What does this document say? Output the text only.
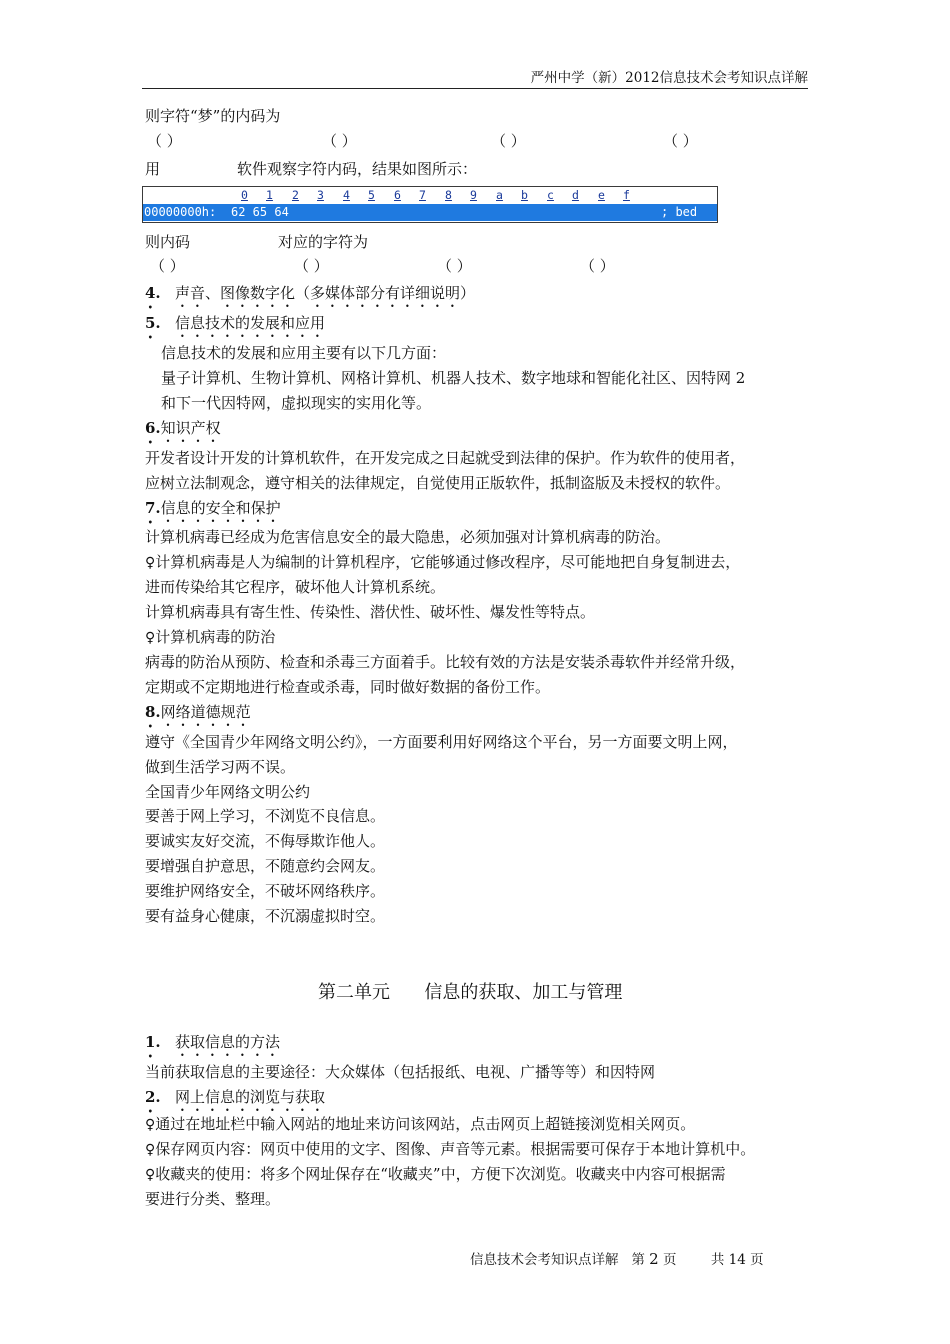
严州中学（新）2012信息技术会考知识点详解
则字符“梦”的内码为
（ ）	（ ）	（ ）	（ ）
用	软件观察字符内码，结果如图所示：
0 1 2 3 4 5 6 7 8 9 a b c d e f
00000000h: 62 65 64	; bed
则内码	对应的字符为
（ ）	（ ）	（ ）	（ ）
4. 声音、图像数字化（多媒体部分有详细说明）
5. 信息技术的发展和应用
信息技术的发展和应用主要有以下几方面：
量子计算机、生物计算机、网格计算机、机器人技术、数字地球和智能化社区、因特网 2
和下一代因特网，虚拟现实的实用化等。
6.知识产权
开发者设计开发的计算机软件，在开发完成之日起就受到法律的保护。作为软件的使用者，
应树立法制观念，遵守相关的法律规定，自觉使用正版软件，抵制盗版及未授权的软件。
7.信息的安全和保护
计算机病毒已经成为危害信息安全的最大隐患，必须加强对计算机病毒的防治。
♀计算机病毒是人为编制的计算机程序，它能够通过修改程序，尽可能地把自身复制进去，
进而传染给其它程序，破坏他人计算机系统。
计算机病毒具有寄生性、传染性、潜伏性、破坏性、爆发性等特点。
♀计算机病毒的防治
病毒的防治从预防、检查和杀毒三方面着手。比较有效的方法是安装杀毒软件并经常升级，
定期或不定期地进行检查或杀毒，同时做好数据的备份工作。
8.网络道德规范
遵守《全国青少年网络文明公约》，一方面要利用好网络这个平台，另一方面要文明上网，
做到生活学习两不误。
全国青少年网络文明公约
要善于网上学习，不浏览不良信息。
要诚实友好交流，不侮辱欺诈他人。
要增强自护意思，不随意约会网友。
要维护网络安全，不破坏网络秩序。
要有益身心健康，不沉溺虚拟时空。
第二单元      信息的获取、加工与管理
1. 获取信息的方法
当前获取信息的主要途径：大众媒体（包括报纸、电视、广播等等）和因特网
2. 网上信息的浏览与获取
♀通过在地址栏中输入网站的地址来访问该网站，点击网页上超链接浏览相关网页。
♀保存网页内容：网页中使用的文字、图像、声音等元素。根据需要可保存于本地计算机中。
♀收藏夹的使用：将多个网址保存在“收藏夹”中，方便下次浏览。收藏夹中内容可根据需
要进行分类、整理。
信息技术会考知识点详解   第 2 页        共 14 页
